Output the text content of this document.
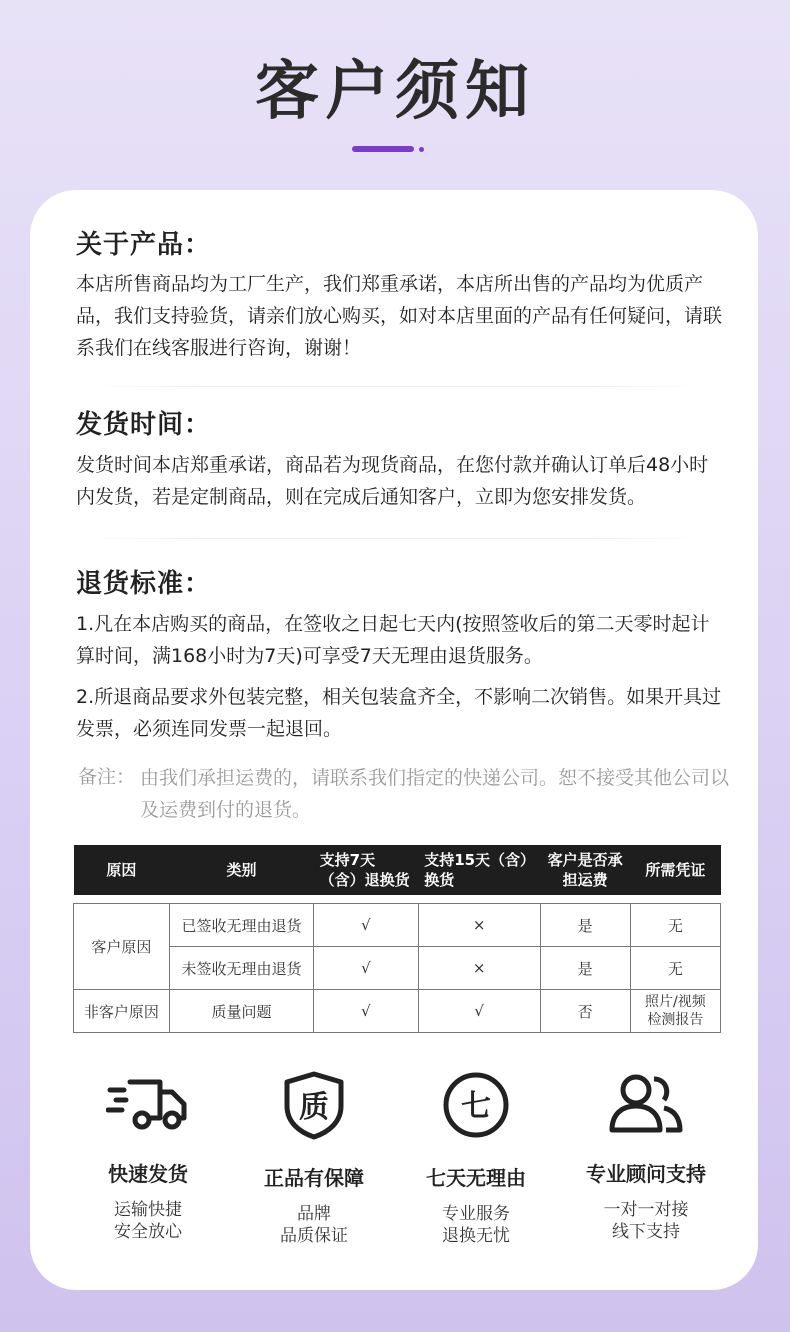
客户须知
关于产品：
本店所售商品均为工厂生产，我们郑重承诺，本店所出售的产品均为优质产品，我们支持验货，请亲们放心购买，如对本店里面的产品有任何疑问，请联系我们在线客服进行咨询，谢谢！
发货时间：
发货时间本店郑重承诺，商品若为现货商品，在您付款并确认订单后48小时内发货，若是定制商品，则在完成后通知客户，立即为您安排发货。
退货标准：
1.凡在本店购买的商品，在签收之日起七天内(按照签收后的第二天零时起计算时间，满168小时为7天)可享受7天无理由退货服务。
2.所退商品要求外包装完整，相关包装盒齐全，不影响二次销售。如果开具过发票，必须连同发票一起退回。
备注： 由我们承担运费的，请联系我们指定的快递公司。恕不接受其他公司以及运费到付的退货。
原因	类别	支持7天（含）退换货	支持15天（含）换货	客户是否承担运费	所需凭证

客户原因	已签收无理由退货	√	×	是	无
	未签收无理由退货	√	×	是	无
非客户原因	质量问题	√	√	否	照片/视频检测报告
快速发货
运输快捷
安全放心
质
正品有保障
品牌
品质保证
七
七天无理由
专业服务
退换无忧
专业顾问支持
一对一对接
线下支持
